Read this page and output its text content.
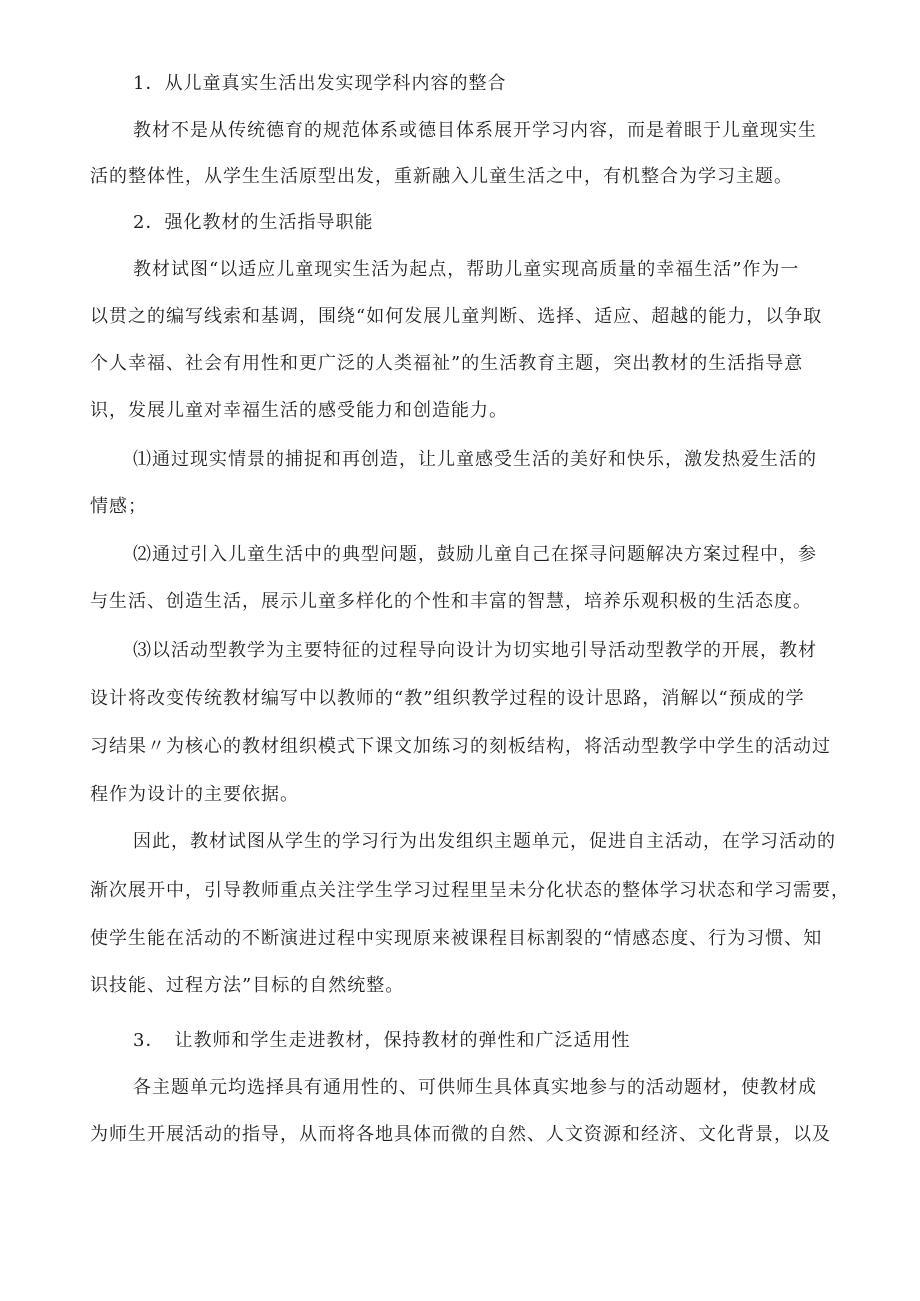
1．从儿童真实生活出发实现学科内容的整合
教材不是从传统德育的规范体系或德目体系展开学习内容，而是着眼于儿童现实生
活的整体性，从学生生活原型出发，重新融入儿童生活之中，有机整合为学习主题。
2．强化教材的生活指导职能
教材试图“以适应儿童现实生活为起点，帮助儿童实现高质量的幸福生活”作为一
以贯之的编写线索和基调，围绕“如何发展儿童判断、选择、适应、超越的能力，以争取
个人幸福、社会有用性和更广泛的人类福祉”的生活教育主题，突出教材的生活指导意
识，发展儿童对幸福生活的感受能力和创造能力。
⑴通过现实情景的捕捉和再创造，让儿童感受生活的美好和快乐，激发热爱生活的
情感；
⑵通过引入儿童生活中的典型问题，鼓励儿童自己在探寻问题解决方案过程中，参
与生活、创造生活，展示儿童多样化的个性和丰富的智慧，培养乐观积极的生活态度。
⑶以活动型教学为主要特征的过程导向设计为切实地引导活动型教学的开展，教材
设计将改变传统教材编写中以教师的“教”组织教学过程的设计思路，消解以“预成的学
习结果〃为核心的教材组织模式下课文加练习的刻板结构，将活动型教学中学生的活动过
程作为设计的主要依据。
因此，教材试图从学生的学习行为出发组织主题单元，促进自主活动，在学习活动的
渐次展开中，引导教师重点关注学生学习过程里呈未分化状态的整体学习状态和学习需要，
使学生能在活动的不断演进过程中实现原来被课程目标割裂的“情感态度、行为习惯、知
识技能、过程方法”目标的自然统整。
3．　让教师和学生走进教材，保持教材的弹性和广泛适用性
各主题单元均选择具有通用性的、可供师生具体真实地参与的活动题材，使教材成
为师生开展活动的指导，从而将各地具体而微的自然、人文资源和经济、文化背景，以及
